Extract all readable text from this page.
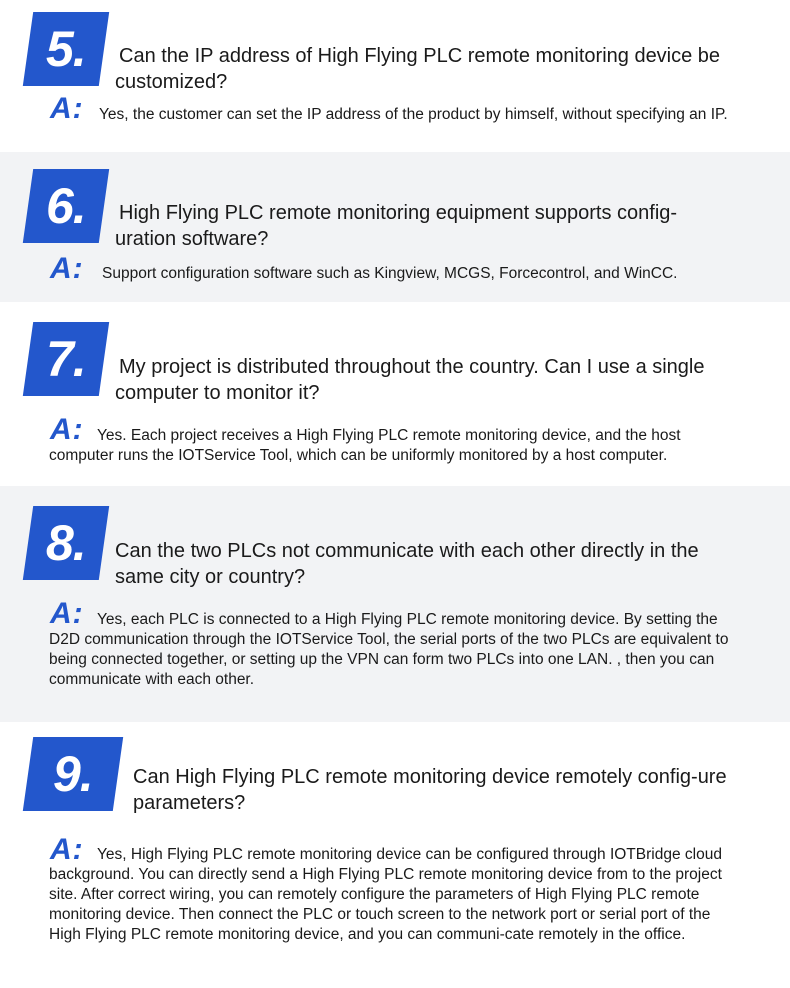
5. Can the IP address of High Flying PLC remote monitoring device be customized?
A: Yes, the customer can set the IP address of the product by himself, without specifying an IP.
6. High Flying PLC remote monitoring equipment supports config-uration software?
A:	Support configuration software such as Kingview, MCGS, Forcecontrol, and WinCC.
7. My project is distributed throughout the country. Can I use a single computer to monitor it?
A: Yes. Each project receives a High Flying PLC remote monitoring device, and the host computer runs the IOTService Tool, which can be uniformly monitored by a host computer.
8. Can the two PLCs not communicate with each other directly in the same city or country?
A: Yes, each PLC is connected to a High Flying PLC remote monitoring device. By setting the D2D communication through the IOTService Tool, the serial ports of the two PLCs are equivalent to being connected together, or setting up the VPN can form two PLCs into one LAN. , then you can communicate with each other.
9. Can High Flying PLC remote monitoring device remotely config-ure parameters?
A: Yes, High Flying PLC remote monitoring device can be configured through IOTBridge cloud background. You can directly send a High Flying PLC remote monitoring device from to the project site. After correct wiring, you can remotely configure the parameters of High Flying PLC remote monitoring device. Then connect the PLC or touch screen to the network port or serial port of the High Flying PLC remote monitoring device, and you can communi-cate remotely in the office.
